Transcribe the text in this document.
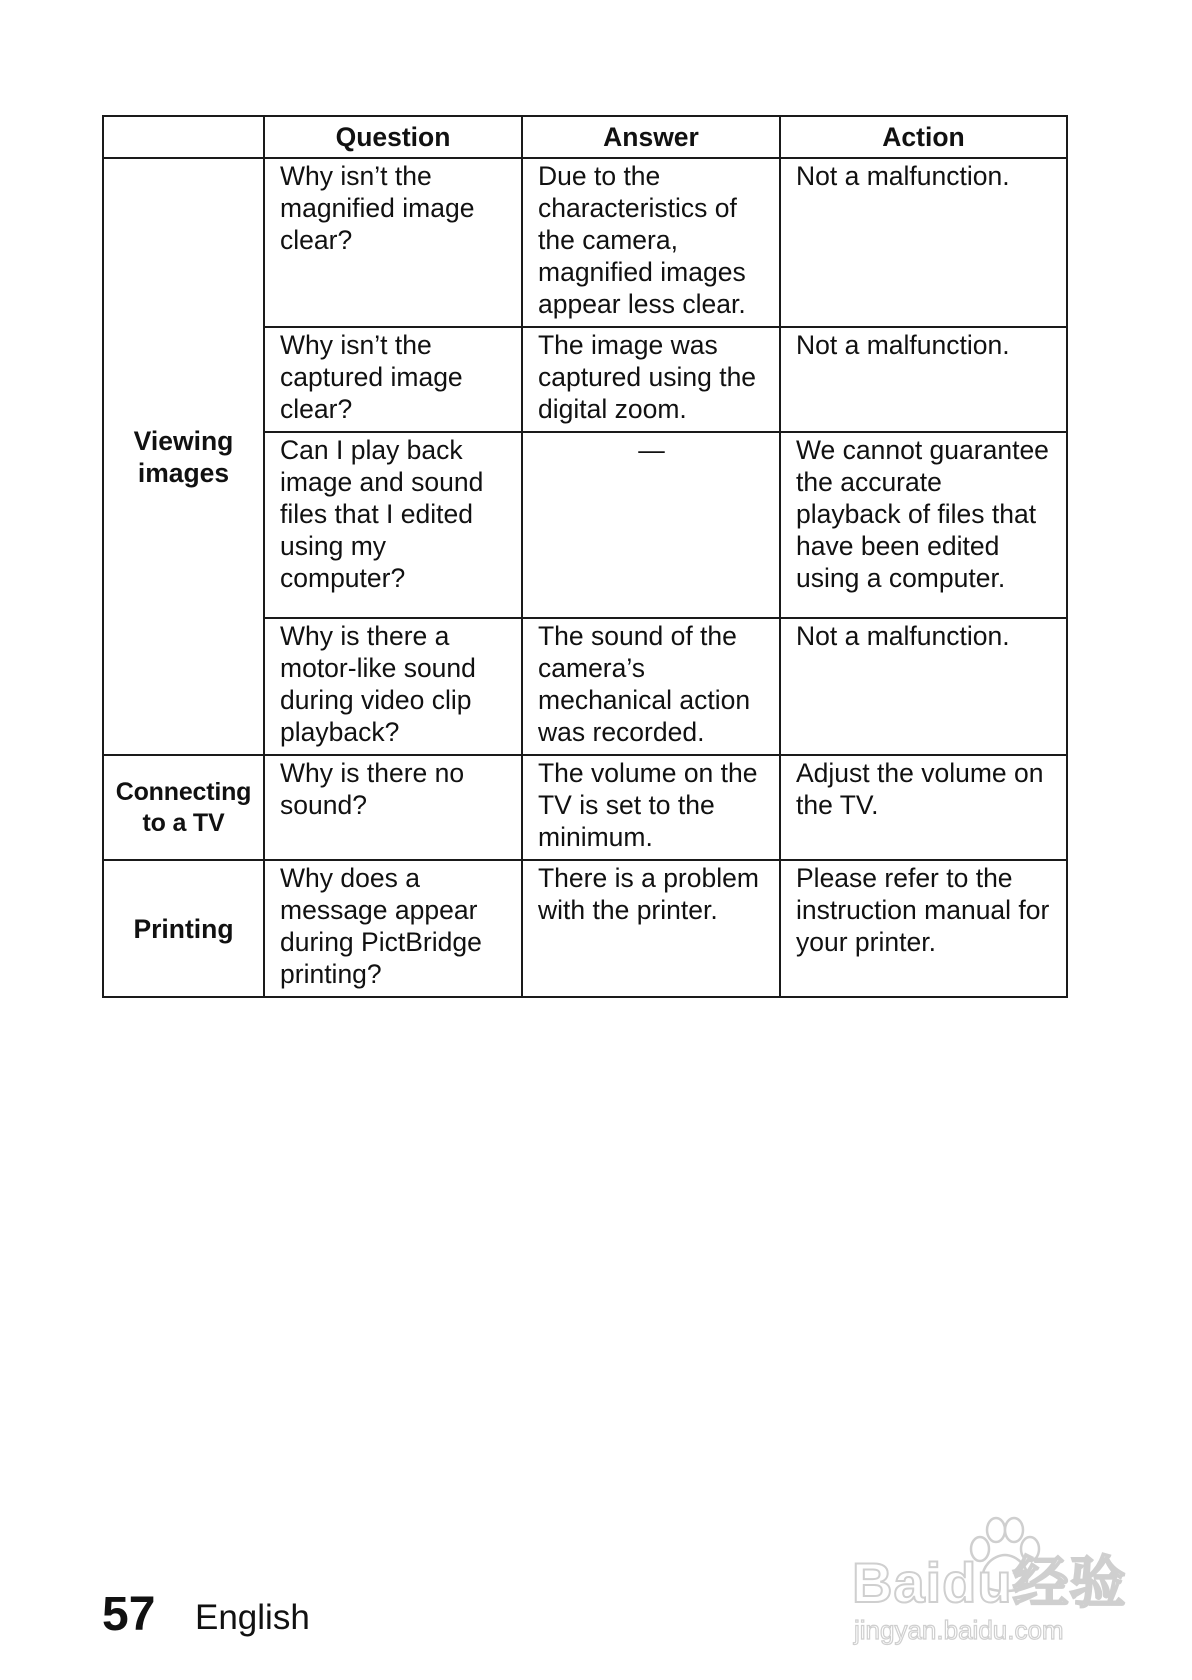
	Question	Answer	Action
Viewing images	Why isn’t the magnified image clear?	Due to the characteristics of the camera, magnified images appear less clear.	Not a malfunction.
	Why isn’t the captured image clear?	The image was captured using the digital zoom.	Not a malfunction.
	Can I play back image and sound files that I edited using my computer?	—	We cannot guarantee the accurate playback of files that have been edited using a computer.
	Why is there a motor-like sound during video clip playback?	The sound of the camera’s mechanical action was recorded.	Not a malfunction.
Connecting to a TV	Why is there no sound?	The volume on the TV is set to the minimum.	Adjust the volume on the TV.
Printing	Why does a message appear during PictBridge printing?	There is a problem with the printer.	Please refer to the instruction manual for your printer.
57 English
Baidu经验
jingyan.baidu.com
